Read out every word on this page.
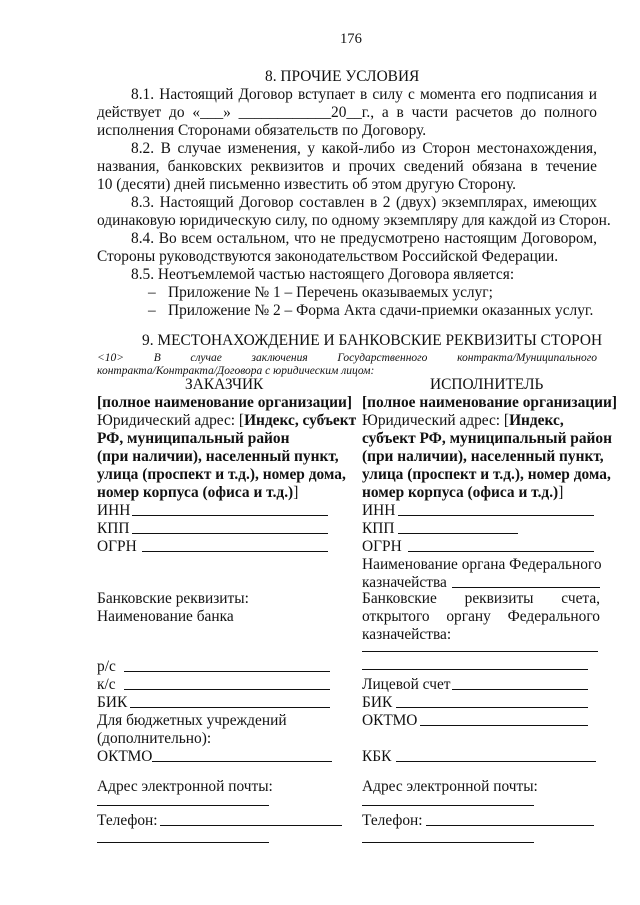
176
8. ПРОЧИЕ УСЛОВИЯ
8.1. Настоящий Договор вступает в силу с момента его подписания и
действует до «___» ____________20__г., а в части расчетов до полного
исполнения Сторонами обязательств по Договору.
8.2. В случае изменения, у какой-либо из Сторон местонахождения,
названия, банковских реквизитов и прочих сведений обязана в течение
10 (десяти) дней письменно известить об этом другую Сторону.
8.3. Настоящий Договор составлен в 2 (двух) экземплярах, имеющих
одинаковую юридическую силу, по одному экземпляру для каждой из Сторон.
8.4. Во всем остальном, что не предусмотрено настоящим Договором,
Стороны руководствуются законодательством Российской Федерации.
8.5. Неотъемлемой частью настоящего Договора является:
– Приложение № 1 – Перечень оказываемых услуг;
– Приложение № 2 – Форма Акта сдачи-приемки оказанных услуг.
9. МЕСТОНАХОЖДЕНИЕ И БАНКОВСКИЕ РЕКВИЗИТЫ СТОРОН
<10> В случае заключения Государственного контракта/Муниципального
контракта/Контракта/Договора с юридическим лицом:
ЗАКАЗЧИК
[полное наименование организации]
Юридический адрес: [Индекс, субъект
РФ, муниципальный район
(при наличии), населенный пункт,
улица (проспект и т.д.), номер дома,
номер корпуса (офиса и т.д.)]
ИНН
КПП
ОГРН
Банковские реквизиты:
Наименование банка
р/с
к/с
БИК
Для бюджетных учреждений
(дополнительно):
ОКТМО
Адрес электронной почты:
Телефон:
ИСПОЛНИТЕЛЬ
[полное наименование организации]
Юридический адрес: [Индекс,
субъект РФ, муниципальный район
(при наличии), населенный пункт,
улица (проспект и т.д.), номер дома,
номер корпуса (офиса и т.д.)]
ИНН
КПП
ОГРН
Наименование органа Федерального
казначейства
Банковские реквизиты счета,
открытого органу Федерального
казначейства:
Лицевой счет
БИК
ОКТМО
КБК
Адрес электронной почты:
Телефон:
